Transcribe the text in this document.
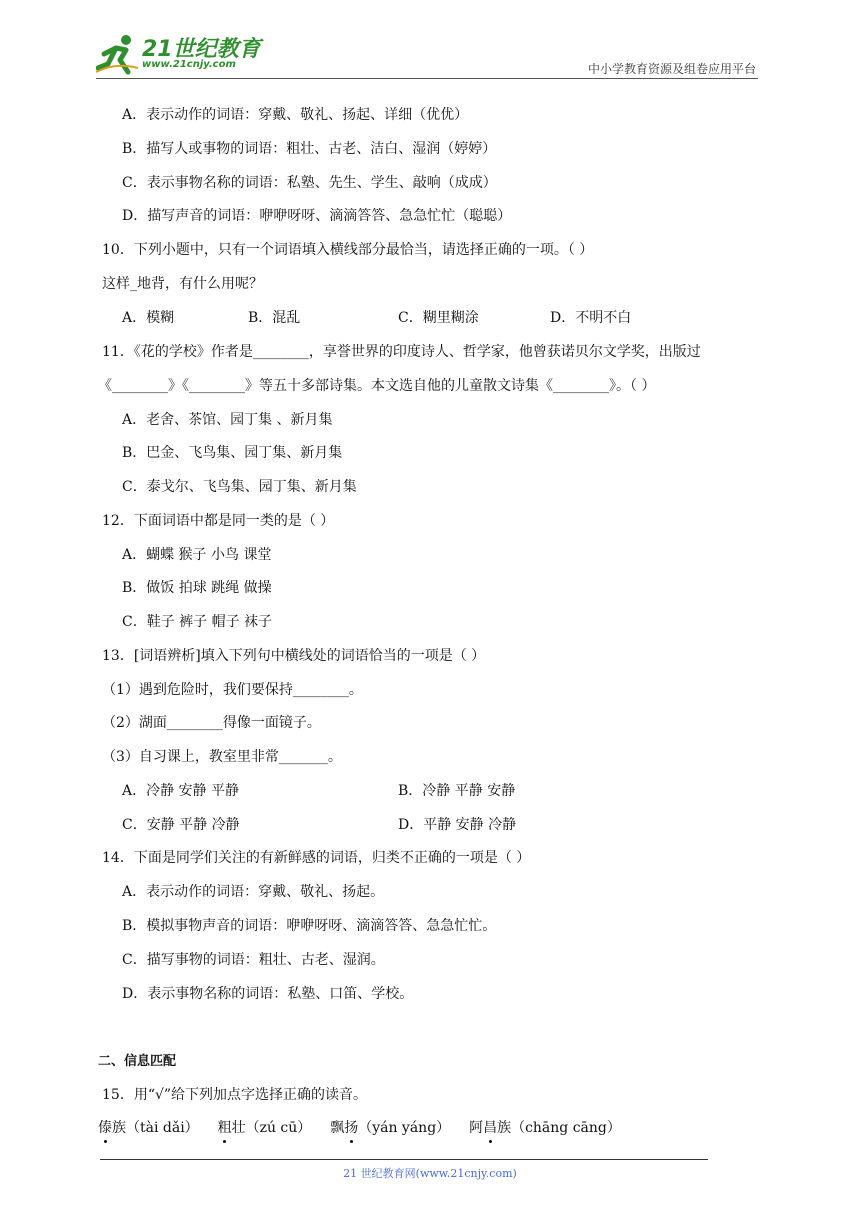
21世纪教育
www.21cnjy.com	中小学教育资源及组卷应用平台
A．表示动作的词语：穿戴、敬礼、扬起、详细（优优）
B．描写人或事物的词语：粗壮、古老、洁白、湿润（婷婷）
C．表示事物名称的词语：私塾、先生、学生、敲响（成成）
D．描写声音的词语：咿咿呀呀、滴滴答答、急急忙忙（聪聪）
10．下列小题中，只有一个词语填入横线部分最恰当，请选择正确的一项。（ ）
这样_地背，有什么用呢？
A．模糊	B．混乱	C．糊里糊涂	D．不明不白
11．《花的学校》作者是________，享誉世界的印度诗人、哲学家，他曾获诺贝尔文学奖，出版过
《________》《________》等五十多部诗集。本文选自他的儿童散文诗集《________》。（ ）
A．老舍、茶馆、园丁集 、新月集
B．巴金、飞鸟集、园丁集、新月集
C．泰戈尔、飞鸟集、园丁集、新月集
12．下面词语中都是同一类的是（ ）
A．蝴蝶 猴子 小鸟 课堂
B．做饭 拍球 跳绳 做操
C．鞋子 裤子 帽子 袜子
13．[词语辨析]填入下列句中横线处的词语恰当的一项是（ ）
（1）遇到危险时，我们要保持________。
（2）湖面________得像一面镜子。
（3）自习课上，教室里非常_______。
A．冷静 安静 平静	B．冷静 平静 安静
C．安静 平静 冷静	D．平静 安静 冷静
14．下面是同学们关注的有新鲜感的词语，归类不正确的一项是（ ）
A．表示动作的词语：穿戴、敬礼、扬起。
B．模拟事物声音的词语：咿咿呀呀、滴滴答答、急急忙忙。
C．描写事物的词语：粗壮、古老、湿润。
D．表示事物名称的词语：私塾、口笛、学校。
二、信息匹配
15．用“√”给下列加点字选择正确的读音。
傣族（tài dǎi） 粗壮（zú cū） 飘扬（yán yáng） 阿昌族（chāng cāng）
21 世纪教育网(www.21cnjy.com)
